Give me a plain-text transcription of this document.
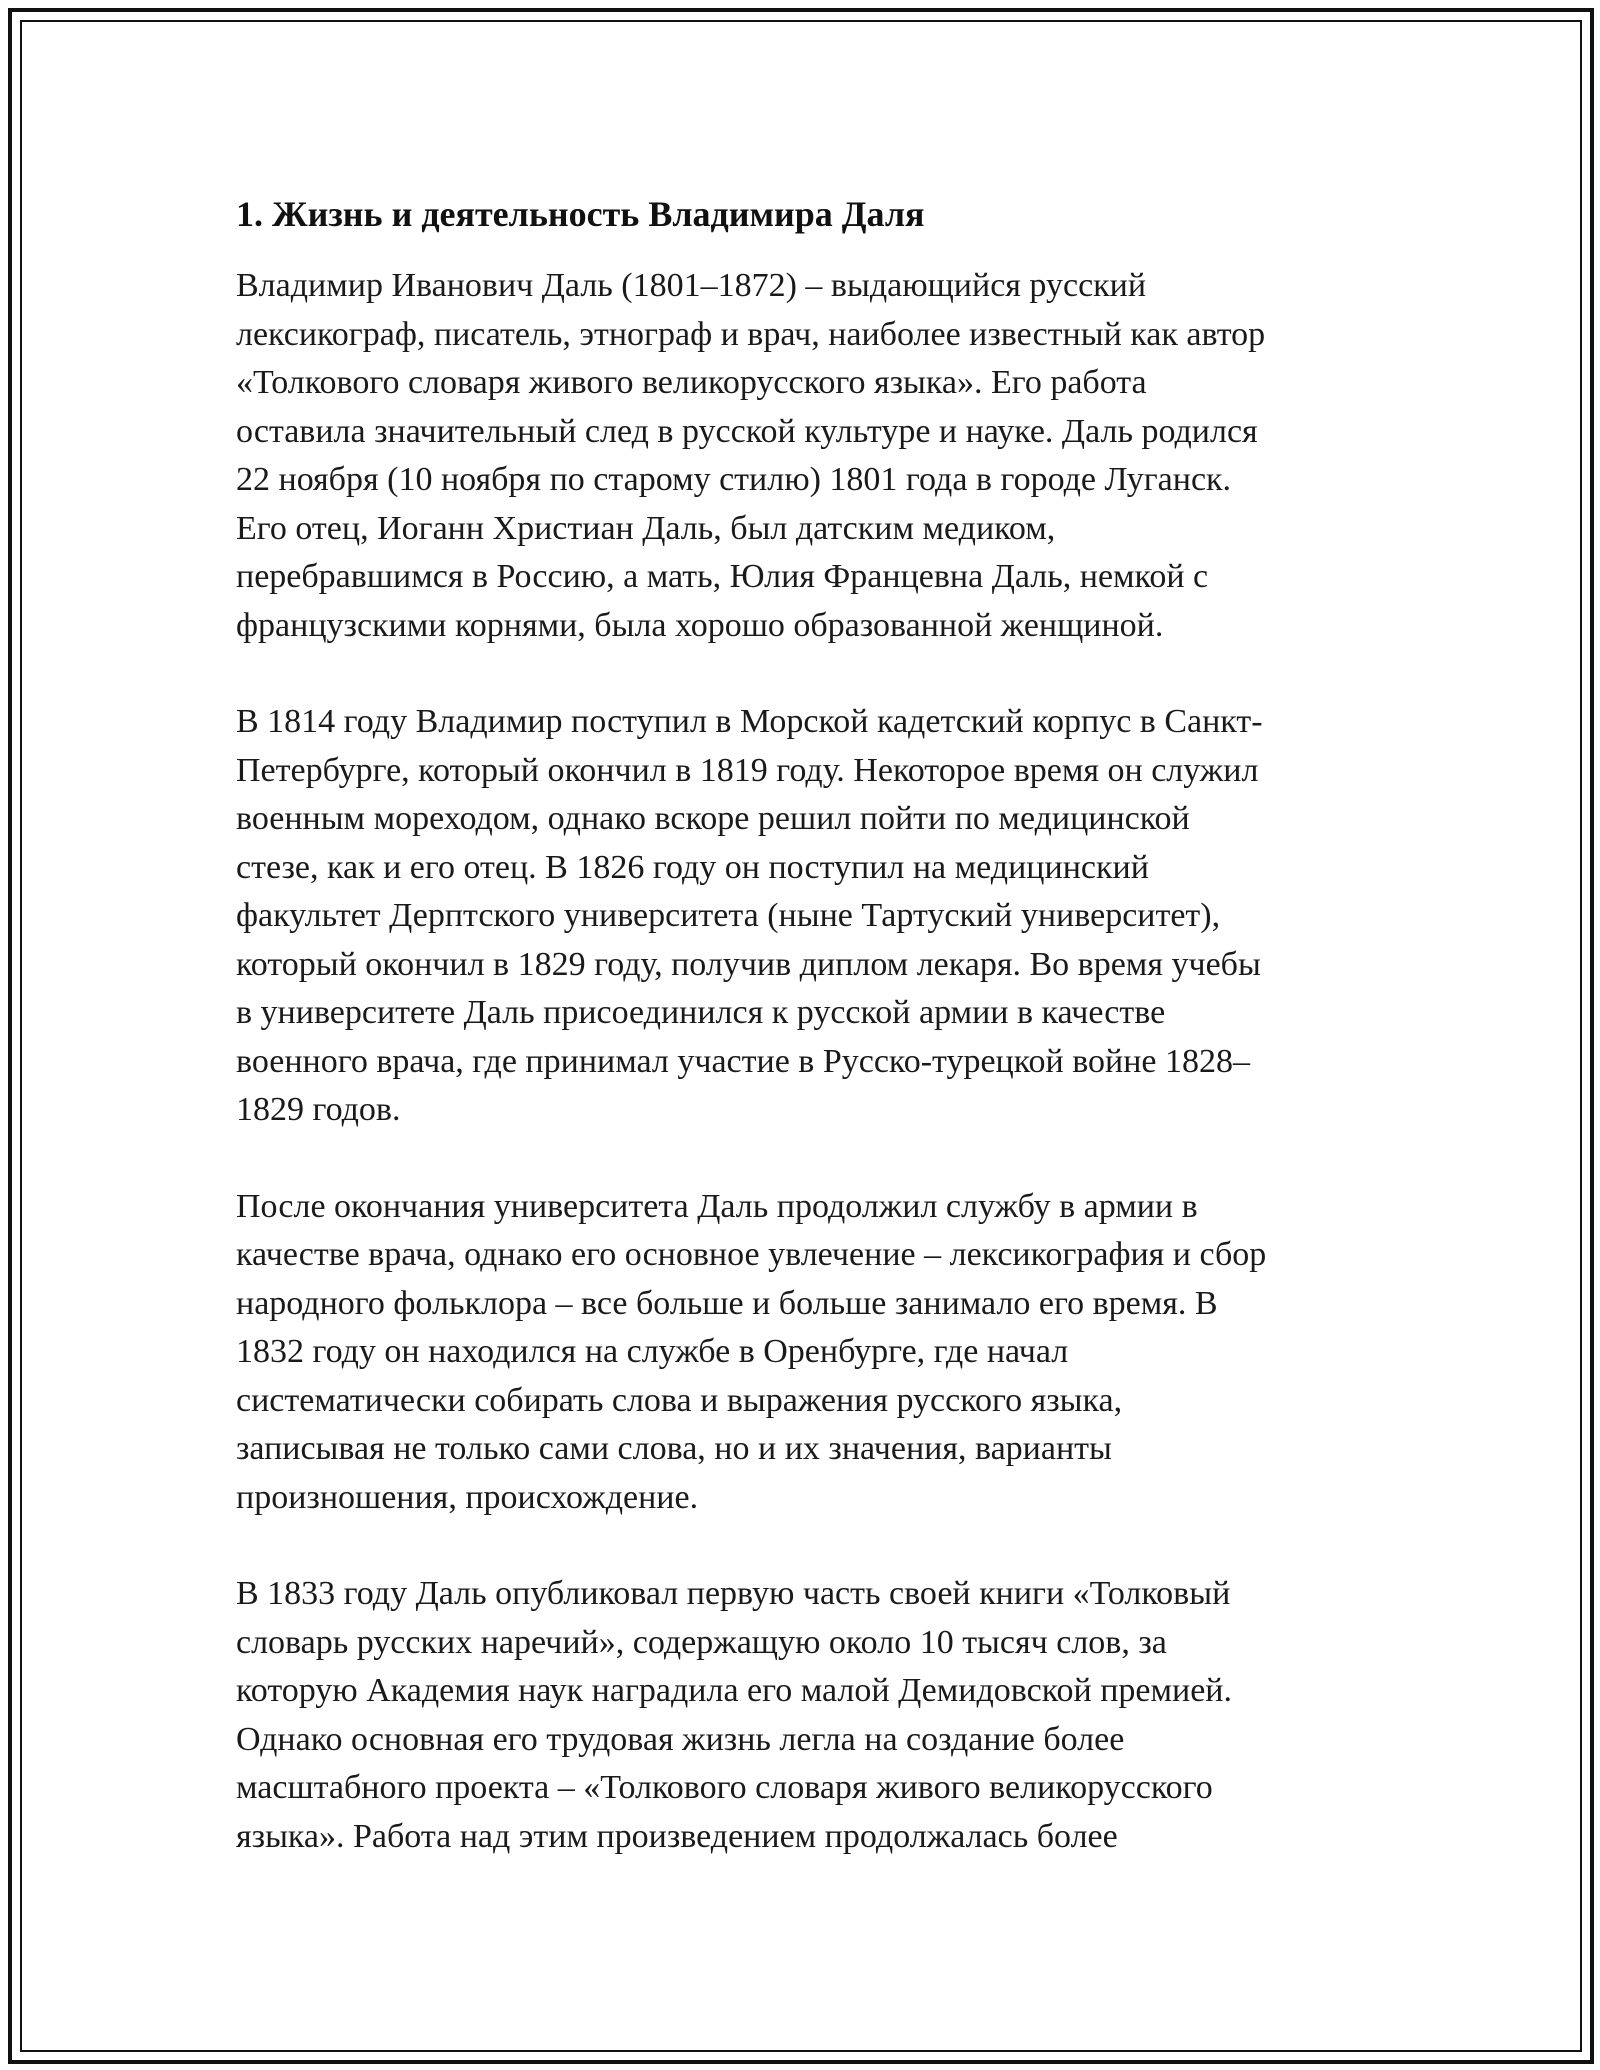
1. Жизнь и деятельность Владимира Даля

Владимир Иванович Даль (1801–1872) – выдающийся русский
лексикограф, писатель, этнограф и врач, наиболее известный как автор
«Толкового словаря живого великорусского языка». Его работа
оставила значительный след в русской культуре и науке. Даль родился
22 ноября (10 ноября по старому стилю) 1801 года в городе Луганск.
Его отец, Иоганн Христиан Даль, был датским медиком,
перебравшимся в Россию, а мать, Юлия Францевна Даль, немкой с
французскими корнями, была хорошо образованной женщиной.

В 1814 году Владимир поступил в Морской кадетский корпус в Санкт-
Петербурге, который окончил в 1819 году. Некоторое время он служил
военным мореходом, однако вскоре решил пойти по медицинской
стезе, как и его отец. В 1826 году он поступил на медицинский
факультет Дерптского университета (ныне Тартуский университет),
который окончил в 1829 году, получив диплом лекаря. Во время учебы
в университете Даль присоединился к русской армии в качестве
военного врача, где принимал участие в Русско-турецкой войне 1828–
1829 годов.

После окончания университета Даль продолжил службу в армии в
качестве врача, однако его основное увлечение – лексикография и сбор
народного фольклора – все больше и больше занимало его время. В
1832 году он находился на службе в Оренбурге, где начал
систематически собирать слова и выражения русского языка,
записывая не только сами слова, но и их значения, варианты
произношения, происхождение.

В 1833 году Даль опубликовал первую часть своей книги «Толковый
словарь русских наречий», содержащую около 10 тысяч слов, за
которую Академия наук наградила его малой Демидовской премией.
Однако основная его трудовая жизнь легла на создание более
масштабного проекта – «Толкового словаря живого великорусского
языка». Работа над этим произведением продолжалась более
